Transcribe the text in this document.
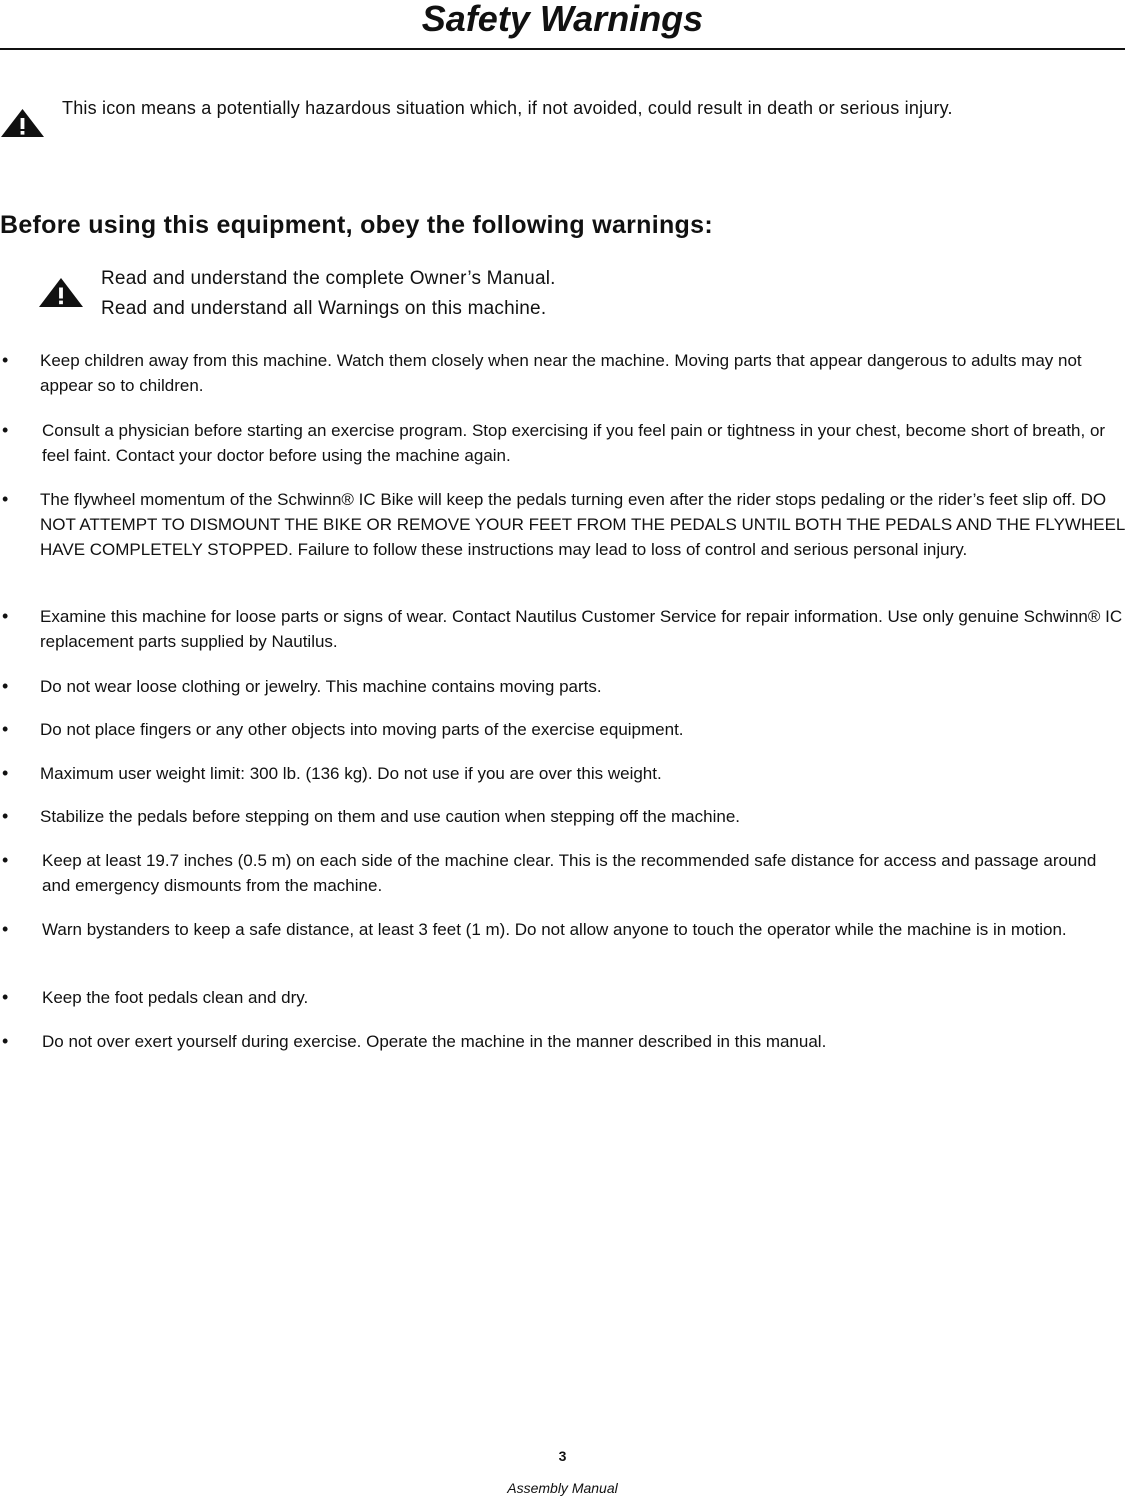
Safety Warnings

This icon means a potentially hazardous situation which, if not avoided, could result in death or serious injury.

Before using this equipment, obey the following warnings:

Read and understand the complete Owner’s Manual.

Read and understand all Warnings on this machine.

• Keep children away from this machine. Watch them closely when near the machine. Moving parts that appear dangerous to adults may not appear so to children.

• Consult a physician before starting an exercise program. Stop exercising if you feel pain or tightness in your chest, become short of breath, or feel faint. Contact your doctor before using the machine again.

• The flywheel momentum of the Schwinn® IC Bike will keep the pedals turning even after the rider stops pedaling or the rider’s feet slip off. DO NOT ATTEMPT TO DISMOUNT THE BIKE OR REMOVE YOUR FEET FROM THE PEDALS UNTIL BOTH THE PEDALS AND THE FLYWHEEL HAVE COMPLETELY STOPPED. Failure to follow these instructions may lead to loss of control and serious personal injury.

• Examine this machine for loose parts or signs of wear. Contact Nautilus Customer Service for repair information. Use only genuine Schwinn® IC replacement parts supplied by Nautilus.

• Do not wear loose clothing or jewelry. This machine contains moving parts.

• Do not place fingers or any other objects into moving parts of the exercise equipment.

• Maximum user weight limit: 300 lb. (136 kg). Do not use if you are over this weight.

• Stabilize the pedals before stepping on them and use caution when stepping off the machine.

• Keep at least 19.7 inches (0.5 m) on each side of the machine clear. This is the recommended safe distance for access and passage around and emergency dismounts from the machine.

• Warn bystanders to keep a safe distance, at least 3 feet (1 m). Do not allow anyone to touch the operator while the machine is in motion.

• Keep the foot pedals clean and dry.

• Do not over exert yourself during exercise. Operate the machine in the manner described in this manual.

3

Assembly Manual
